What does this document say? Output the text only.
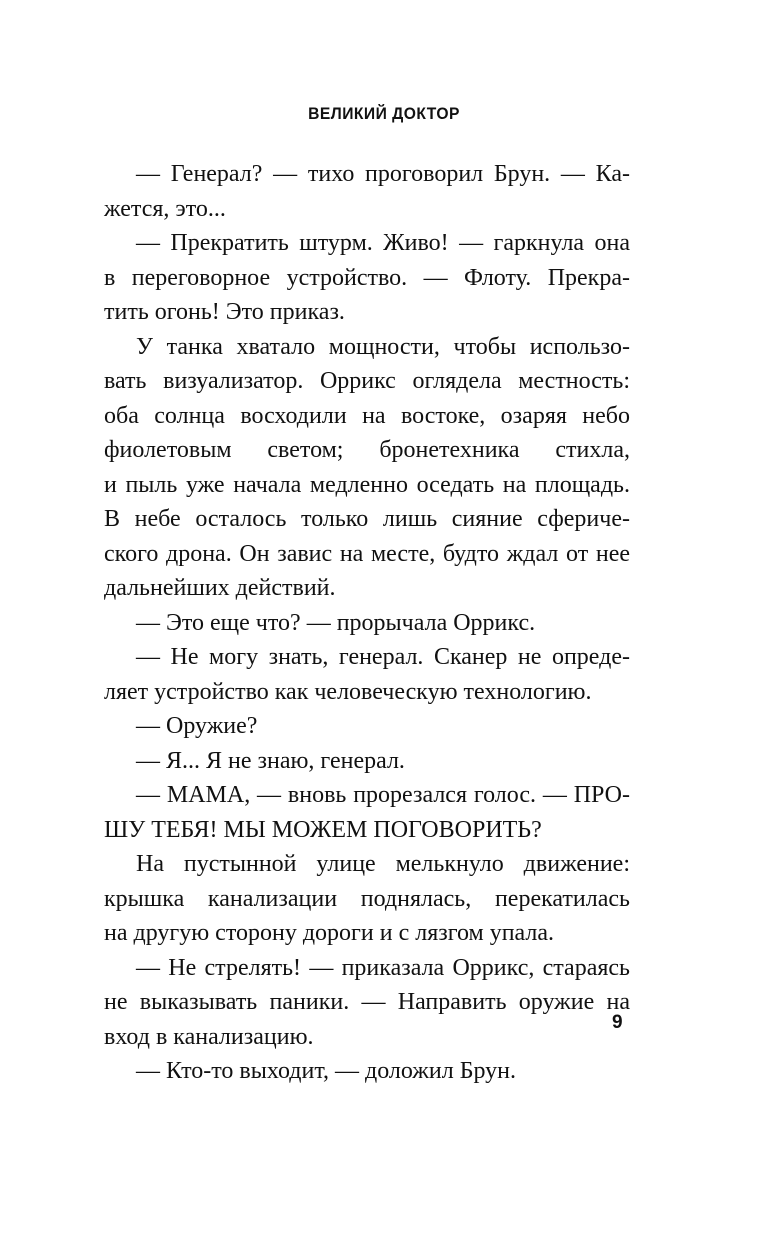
ВЕЛИКИЙ ДОКТОР
— Генерал? — тихо проговорил Брун. — Ка-
жется, это...
— Прекратить штурм. Живо! — гаркнула она
в переговорное устройство. — Флоту. Прекра-
тить огонь! Это приказ.
У танка хватало мощности, чтобы использо-
вать визуализатор. Оррикс оглядела местность:
оба солнца восходили на востоке, озаряя небо
фиолетовым светом; бронетехника стихла,
и пыль уже начала медленно оседать на площадь.
В небе осталось только лишь сияние сфериче-
ского дрона. Он завис на месте, будто ждал от нее
дальнейших действий.
— Это еще что? — прорычала Оррикс.
— Не могу знать, генерал. Сканер не опреде-
ляет устройство как человеческую технологию.
— Оружие?
— Я... Я не знаю, генерал.
— МАМА, — вновь прорезался голос. — ПРО-
ШУ ТЕБЯ! МЫ МОЖЕМ ПОГОВОРИТЬ?
На пустынной улице мелькнуло движение:
крышка канализации поднялась, перекатилась
на другую сторону дороги и с лязгом упала.
— Не стрелять! — приказала Оррикс, стараясь
не выказывать паники. — Направить оружие на
вход в канализацию.
— Кто-то выходит, — доложил Брун.
9
